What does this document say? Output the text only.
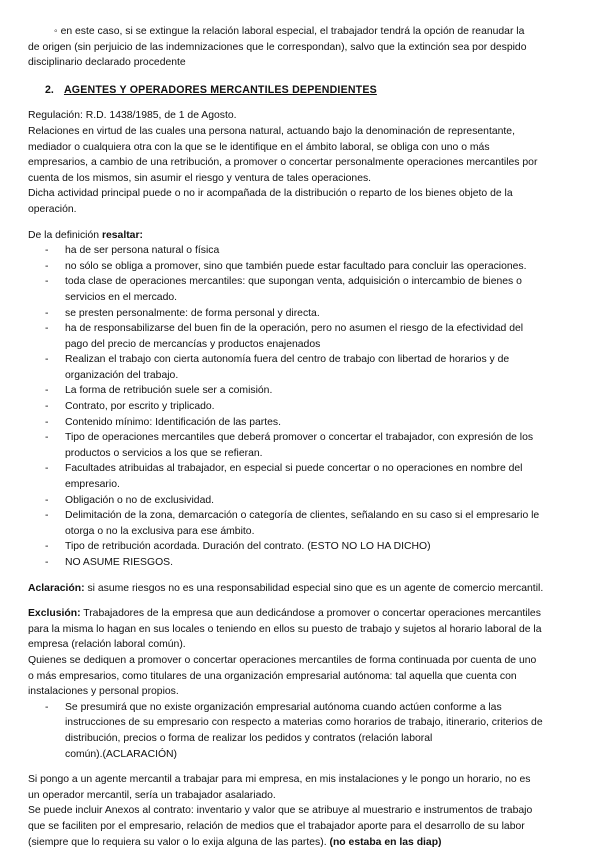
◦ en este caso, si se extingue la relación laboral especial, el trabajador tendrá la opción de reanudar la
de origen (sin perjuicio de las indemnizaciones que le correspondan), salvo que la extinción sea por despido
disciplinario declarado procedente
2. AGENTES Y OPERADORES MERCANTILES DEPENDIENTES
Regulación: R.D. 1438/1985, de 1 de Agosto.
Relaciones en virtud de las cuales una persona natural, actuando bajo la denominación de representante,
mediador o cualquiera otra con la que se le identifique en el ámbito laboral, se obliga con uno o más
empresarios, a cambio de una retribución, a promover o concertar personalmente operaciones mercantiles por
cuenta de los mismos, sin asumir el riesgo y ventura de tales operaciones.
Dicha actividad principal puede o no ir acompañada de la distribución o reparto de los bienes objeto de la
operación.
De la definición resaltar:
- ha de ser persona natural o física
- no sólo se obliga a promover, sino que también puede estar facultado para concluir las operaciones.
- toda clase de operaciones mercantiles: que supongan venta, adquisición o intercambio de bienes o
servicios en el mercado.
- se presten personalmente: de forma personal y directa.
- ha de responsabilizarse del buen fin de la operación, pero no asumen el riesgo de la efectividad del
pago del precio de mercancías y productos enajenados
- Realizan el trabajo con cierta autonomía fuera del centro de trabajo con libertad de horarios y de
organización del trabajo.
- La forma de retribución suele ser a comisión.
- Contrato, por escrito y triplicado.
- Contenido mínimo: Identificación de las partes.
- Tipo de operaciones mercantiles que deberá promover o concertar el trabajador, con expresión de los
productos o servicios a los que se refieran.
- Facultades atribuidas al trabajador, en especial si puede concertar o no operaciones en nombre del
empresario.
- Obligación o no de exclusividad.
- Delimitación de la zona, demarcación o categoría de clientes, señalando en su caso si el empresario le
otorga o no la exclusiva para ese ámbito.
- Tipo de retribución acordada. Duración del contrato. (ESTO NO LO HA DICHO)
- NO ASUME RIESGOS.
Aclaración: si asume riesgos no es una responsabilidad especial sino que es un agente de comercio mercantil.
Exclusión: Trabajadores de la empresa que aun dedicándose a promover o concertar operaciones mercantiles
para la misma lo hagan en sus locales o teniendo en ellos su puesto de trabajo y sujetos al horario laboral de la
empresa (relación laboral común).
Quienes se dediquen a promover o concertar operaciones mercantiles de forma continuada por cuenta de uno
o más empresarios, como titulares de una organización empresarial autónoma: tal aquella que cuenta con
instalaciones y personal propios.
- Se presumirá que no existe organización empresarial autónoma cuando actúen conforme a las
instrucciones de su empresario con respecto a materias como horarios de trabajo, itinerario, criterios de
distribución, precios o forma de realizar los pedidos y contratos (relación laboral
común).(ACLARACIÓN)
Si pongo a un agente mercantil a trabajar para mi empresa, en mis instalaciones y le pongo un horario, no es
un operador mercantil, sería un trabajador asalariado.
Se puede incluir Anexos al contrato: inventario y valor que se atribuye al muestrario e instrumentos de trabajo
que se faciliten por el empresario, relación de medios que el trabajador aporte para el desarrollo de su labor
(siempre que lo requiera su valor o lo exija alguna de las partes). (no estaba en las diap)
